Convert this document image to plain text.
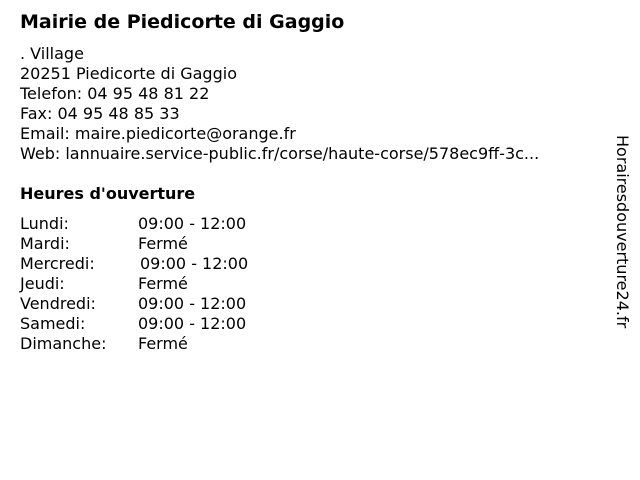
Mairie de Piedicorte di Gaggio
. Village
20251 Piedicorte di Gaggio
Telefon: 04 95 48 81 22
Fax: 04 95 48 85 33
Email: maire.piedicorte@orange.fr
Web: lannuaire.service-public.fr/corse/haute-corse/578ec9ff-3c...
Heures d'ouverture
Lundi:	09:00 - 12:00
Mardi:	Fermé
Mercredi:	09:00 - 12:00
Jeudi:	Fermé
Vendredi:	09:00 - 12:00
Samedi:	09:00 - 12:00
Dimanche: Fermé
Horairesdouverture24.fr
